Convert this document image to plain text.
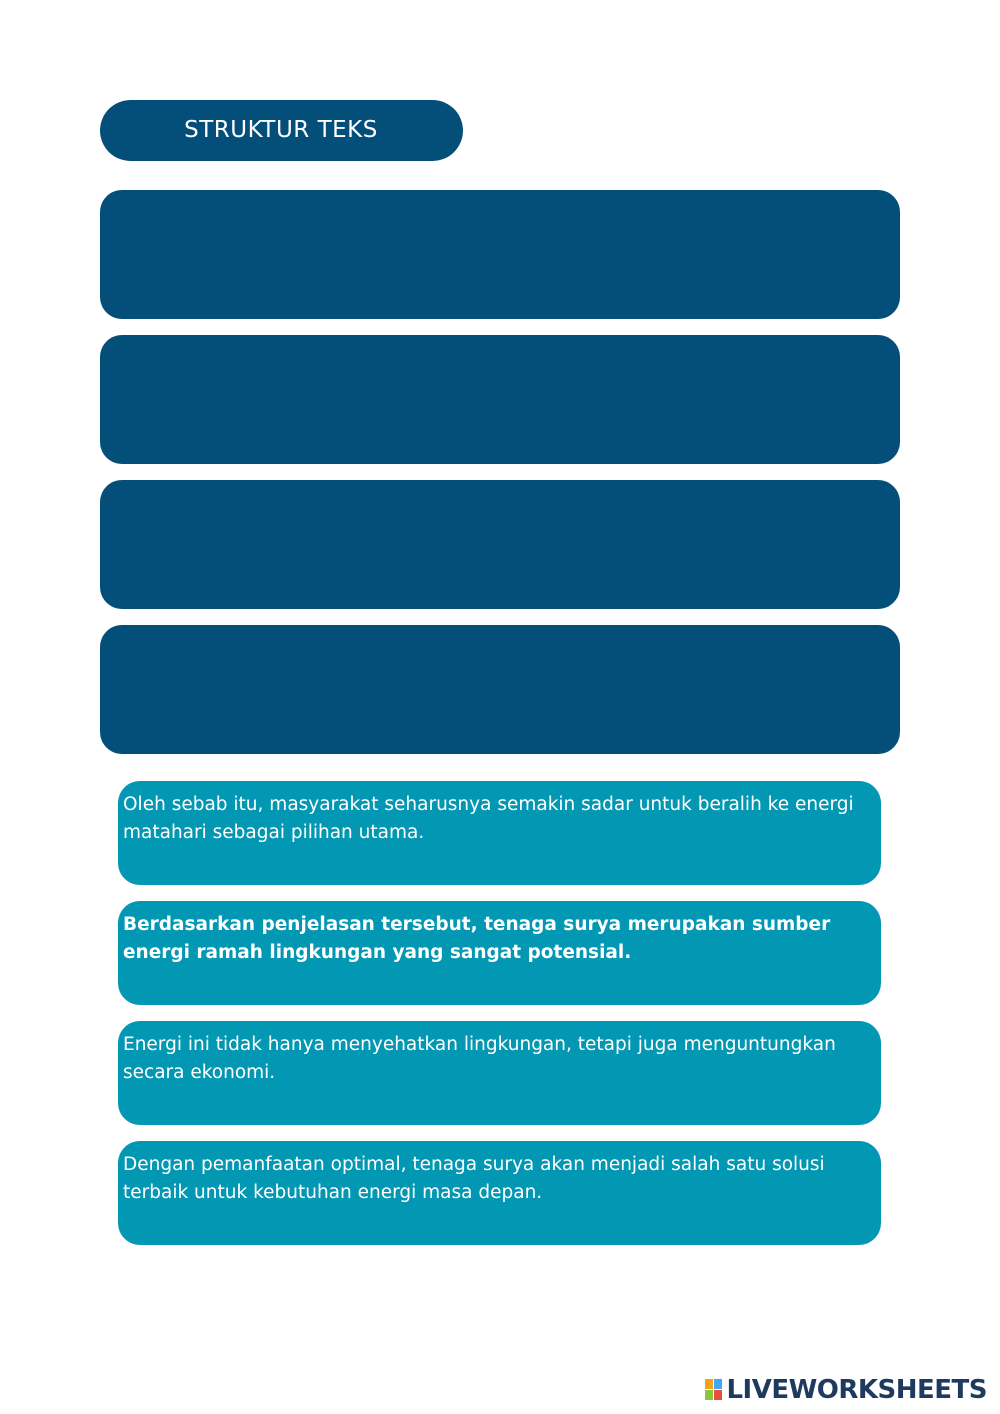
STRUKTUR TEKS
Oleh sebab itu, masyarakat seharusnya semakin sadar untuk beralih ke energi matahari sebagai pilihan utama.
Berdasarkan penjelasan tersebut, tenaga surya merupakan sumber energi ramah lingkungan yang sangat potensial.
Energi ini tidak hanya menyehatkan lingkungan, tetapi juga menguntungkan secara ekonomi.
Dengan pemanfaatan optimal, tenaga surya akan menjadi salah satu solusi terbaik untuk kebutuhan energi masa depan.
LIVEWORKSHEETS
